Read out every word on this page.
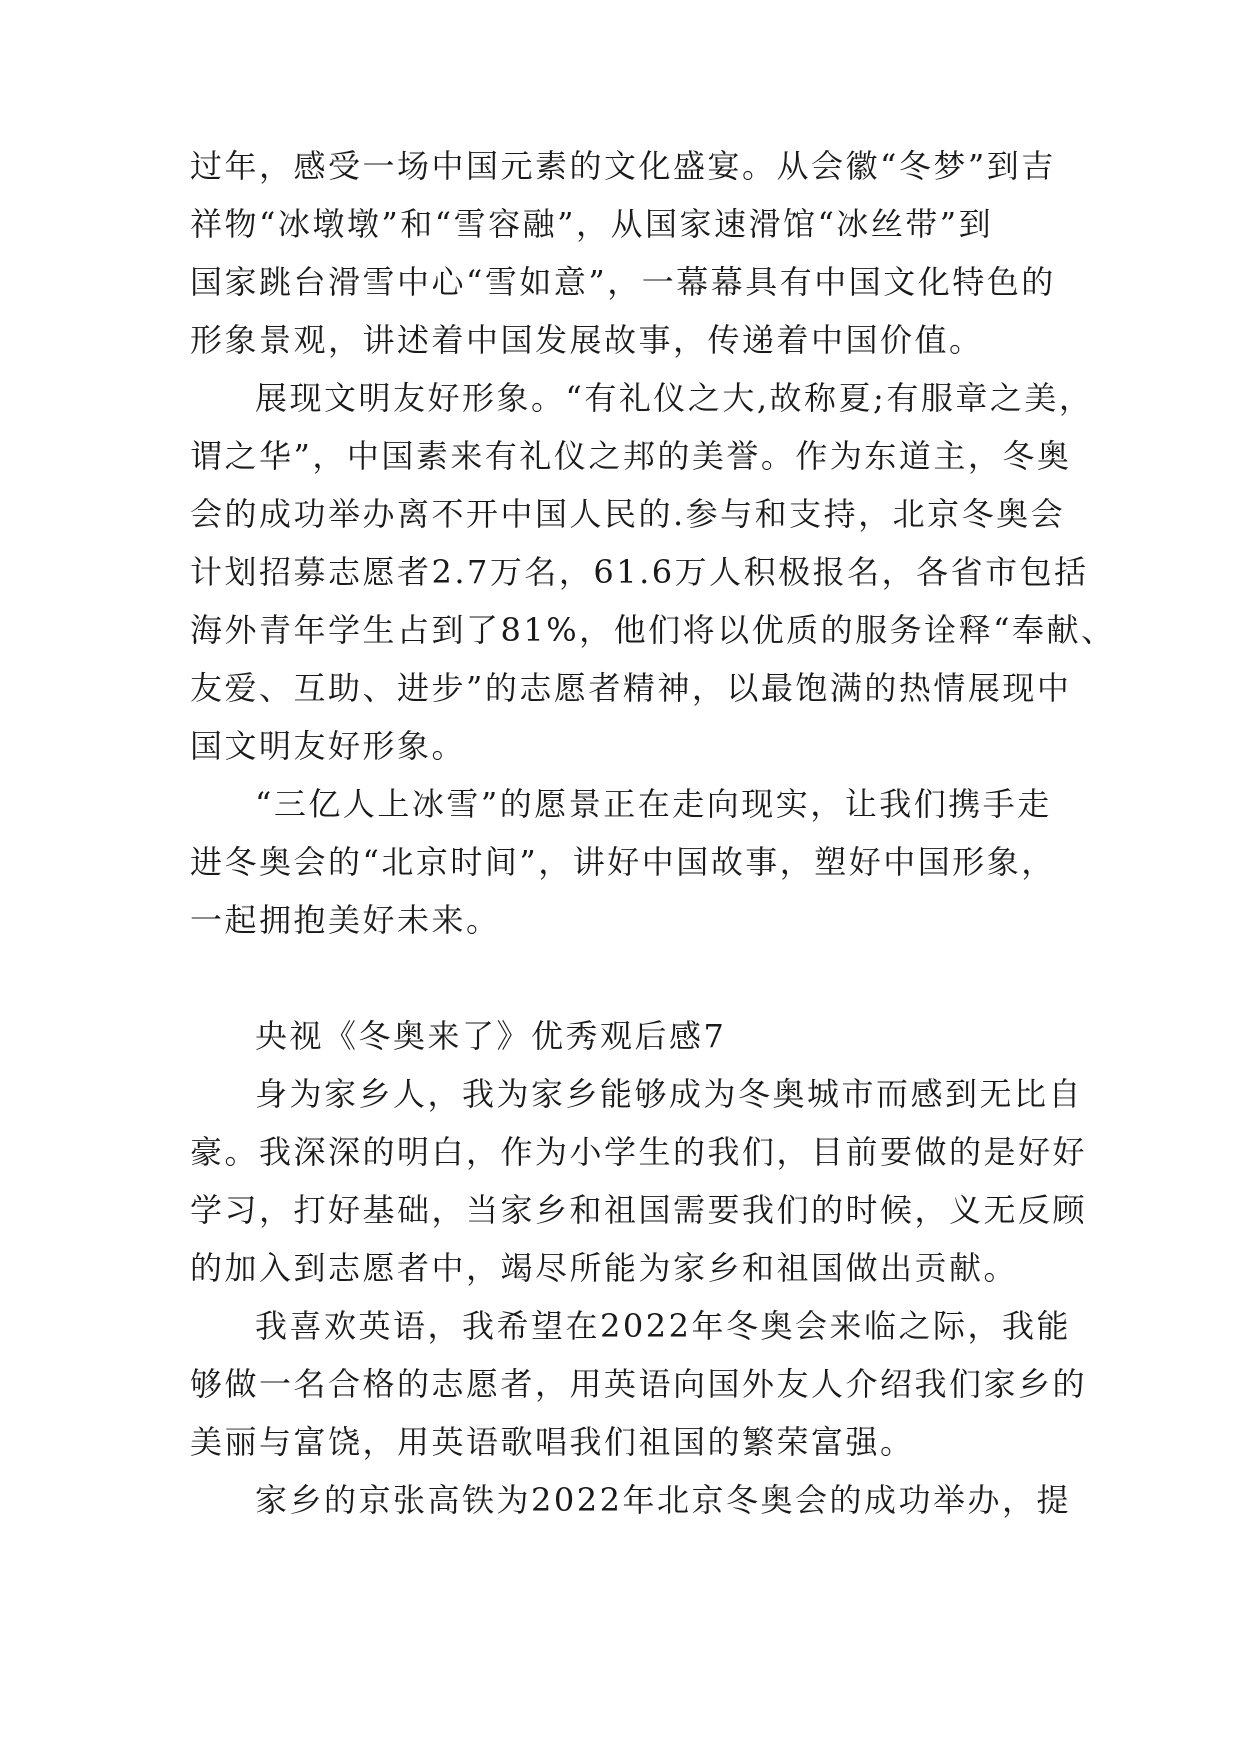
过年，感受一场中国元素的文化盛宴。从会徽“冬梦”到吉
祥物“冰墩墩”和“雪容融”，从国家速滑馆“冰丝带”到
国家跳台滑雪中心“雪如意”，一幕幕具有中国文化特色的
形象景观，讲述着中国发展故事，传递着中国价值。
展现文明友好形象。“有礼仪之大,故称夏;有服章之美，
谓之华”，中国素来有礼仪之邦的美誉。作为东道主，冬奥
会的成功举办离不开中国人民的.参与和支持，北京冬奥会
计划招募志愿者2.7万名，61.6万人积极报名，各省市包括
海外青年学生占到了81%，他们将以优质的服务诠释“奉献、
友爱、互助、进步”的志愿者精神，以最饱满的热情展现中
国文明友好形象。
“三亿人上冰雪”的愿景正在走向现实，让我们携手走
进冬奥会的“北京时间”，讲好中国故事，塑好中国形象，
一起拥抱美好未来。
央视《冬奥来了》优秀观后感7
身为家乡人，我为家乡能够成为冬奥城市而感到无比自
豪。我深深的明白，作为小学生的我们，目前要做的是好好
学习，打好基础，当家乡和祖国需要我们的时候，义无反顾
的加入到志愿者中，竭尽所能为家乡和祖国做出贡献。
我喜欢英语，我希望在2022年冬奥会来临之际，我能
够做一名合格的志愿者，用英语向国外友人介绍我们家乡的
美丽与富饶，用英语歌唱我们祖国的繁荣富强。
家乡的京张高铁为2022年北京冬奥会的成功举办，提
